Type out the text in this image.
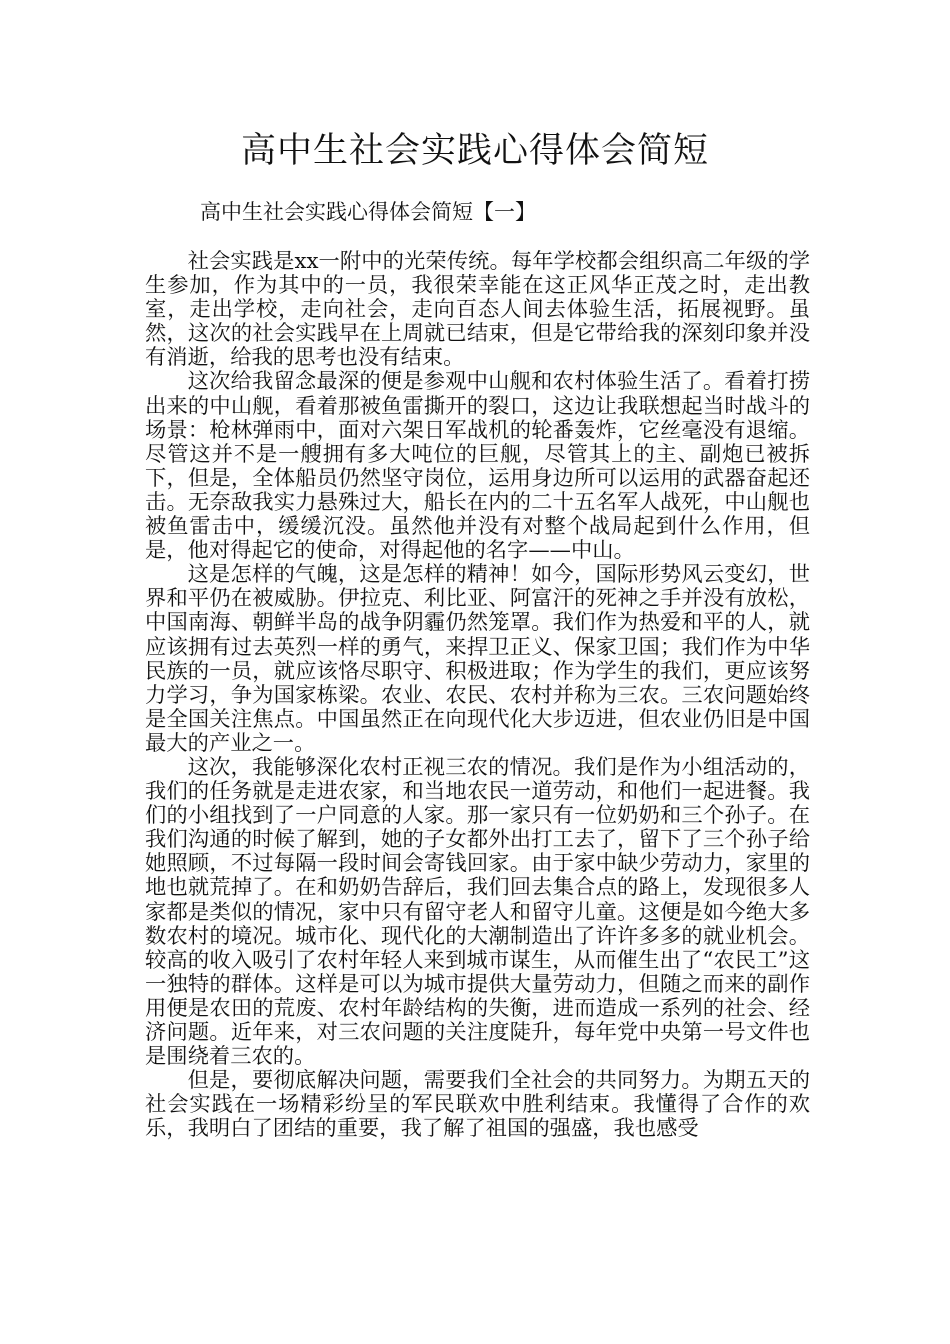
高中生社会实践心得体会简短
高中生社会实践心得体会简短【一】

社会实践是xx一附中的光荣传统。每年学校都会组织高二年级的学生参加，作为其中的一员，我很荣幸能在这正风华正茂之时，走出教室，走出学校，走向社会，走向百态人间去体验生活，拓展视野。虽然，这次的社会实践早在上周就已结束，但是它带给我的深刻印象并没有消逝，给我的思考也没有结束。

这次给我留念最深的便是参观中山舰和农村体验生活了。看着打捞出来的中山舰，看着那被鱼雷撕开的裂口，这边让我联想起当时战斗的场景：枪林弹雨中，面对六架日军战机的轮番轰炸，它丝毫没有退缩。尽管这并不是一艘拥有多大吨位的巨舰，尽管其上的主、副炮已被拆下，但是，全体船员仍然坚守岗位，运用身边所可以运用的武器奋起还击。无奈敌我实力悬殊过大，船长在内的二十五名军人战死，中山舰也被鱼雷击中，缓缓沉没。虽然他并没有对整个战局起到什么作用，但是，他对得起它的使命，对得起他的名字——中山。

这是怎样的气魄，这是怎样的精神！如今，国际形势风云变幻，世界和平仍在被威胁。伊拉克、利比亚、阿富汗的死神之手并没有放松，中国南海、朝鲜半岛的战争阴霾仍然笼罩。我们作为热爱和平的人，就应该拥有过去英烈一样的勇气，来捍卫正义、保家卫国；我们作为中华民族的一员，就应该恪尽职守、积极进取；作为学生的我们，更应该努力学习，争为国家栋梁。农业、农民、农村并称为三农。三农问题始终是全国关注焦点。中国虽然正在向现代化大步迈进，但农业仍旧是中国最大的产业之一。

这次，我能够深化农村正视三农的情况。我们是作为小组活动的，我们的任务就是走进农家，和当地农民一道劳动，和他们一起进餐。我们的小组找到了一户同意的人家。那一家只有一位奶奶和三个孙子。在我们沟通的时候了解到，她的子女都外出打工去了，留下了三个孙子给她照顾，不过每隔一段时间会寄钱回家。由于家中缺少劳动力，家里的地也就荒掉了。在和奶奶告辞后，我们回去集合点的路上，发现很多人家都是类似的情况，家中只有留守老人和留守儿童。这便是如今绝大多数农村的境况。城市化、现代化的大潮制造出了许许多多的就业机会。较高的收入吸引了农村年轻人来到城市谋生，从而催生出了“农民工”这一独特的群体。这样是可以为城市提供大量劳动力，但随之而来的副作用便是农田的荒废、农村年龄结构的失衡，进而造成一系列的社会、经济问题。近年来，对三农问题的关注度陡升，每年党中央第一号文件也是围绕着三农的。

但是，要彻底解决问题，需要我们全社会的共同努力。为期五天的社会实践在一场精彩纷呈的军民联欢中胜利结束。我懂得了合作的欢乐，我明白了团结的重要，我了解了祖国的强盛，我也感受
